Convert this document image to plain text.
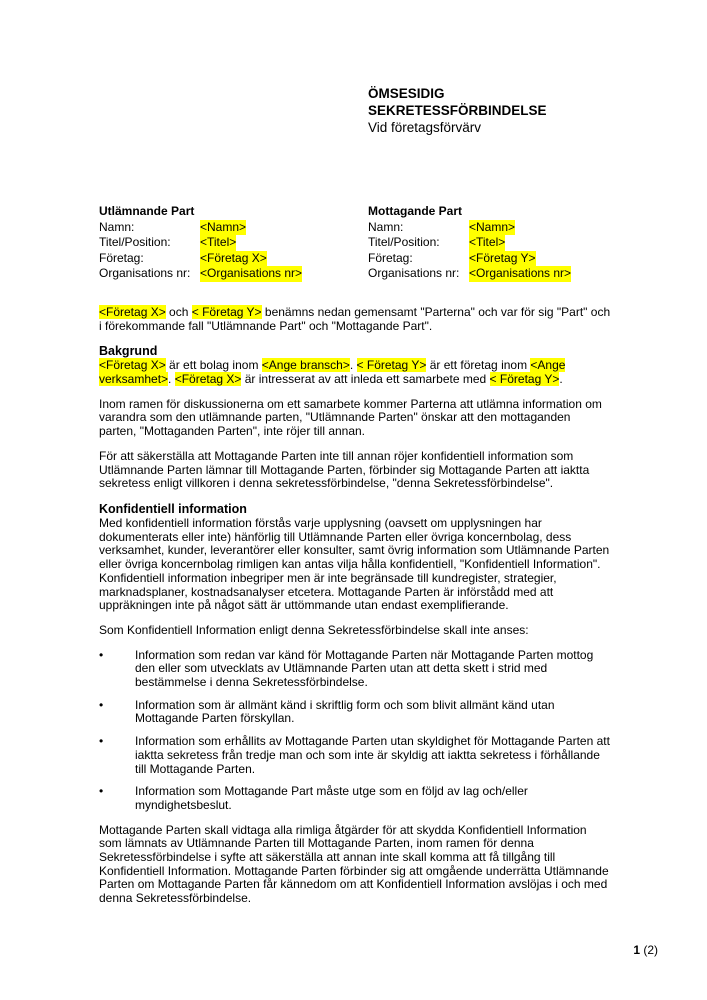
ÖMSESIDIG
SEKRETESSFÖRBINDELSE
Vid företagsförvärv
Utlämnande Part
Namn:	<Namn>
Titel/Position:	<Titel>
Företag:	<Företag X>
Organisations nr: <Organisations nr>
Mottagande Part
Namn:	<Namn>
Titel/Position:	<Titel>
Företag:	<Företag Y>
Organisations nr: <Organisations nr>

<Företag X> och < Företag Y> benämns nedan gemensamt "Parterna" och var för sig "Part" och i förekommande fall "Utlämnande Part" och "Mottagande Part".

Bakgrund

<Företag X> är ett bolag inom <Ange bransch>. < Företag Y> är ett företag inom <Ange verksamhet>. <Företag X> är intresserat av att inleda ett samarbete med < Företag Y>.

Inom ramen för diskussionerna om ett samarbete kommer Parterna att utlämna information om varandra som den utlämnande parten, "Utlämnande Parten" önskar att den mottaganden parten, "Mottaganden Parten", inte röjer till annan.

För att säkerställa att Mottagande Parten inte till annan röjer konfidentiell information som Utlämnande Parten lämnar till Mottagande Parten, förbinder sig Mottagande Parten att iaktta sekretess enligt villkoren i denna sekretessförbindelse, "denna Sekretessförbindelse".

Konfidentiell information

Med konfidentiell information förstås varje upplysning (oavsett om upplysningen har dokumenterats eller inte) hänförlig till Utlämnande Parten eller övriga koncernbolag, dess verksamhet, kunder, leverantörer eller konsulter, samt övrig information som Utlämnande Parten eller övriga koncernbolag rimligen kan antas vilja hålla konfidentiell, "Konfidentiell Information". Konfidentiell information inbegriper men är inte begränsade till kundregister, strategier, marknadsplaner, kostnadsanalyser etcetera. Mottagande Parten är införstådd med att uppräkningen inte på något sätt är uttömmande utan endast exemplifierande.

Som Konfidentiell Information enligt denna Sekretessförbindelse skall inte anses:

•	Information som redan var känd för Mottagande Parten när Mottagande Parten mottog den eller som utvecklats av Utlämnande Parten utan att detta skett i strid med bestämmelse i denna Sekretessförbindelse.
•	Information som är allmänt känd i skriftlig form och som blivit allmänt känd utan Mottagande Parten förskyllan.
•	Information som erhållits av Mottagande Parten utan skyldighet för Mottagande Parten att iaktta sekretess från tredje man och som inte är skyldig att iaktta sekretess i förhållande till Mottagande Parten.
•	Information som Mottagande Part måste utge som en följd av lag och/eller myndighetsbeslut.

Mottagande Parten skall vidtaga alla rimliga åtgärder för att skydda Konfidentiell Information som lämnats av Utlämnande Parten till Mottagande Parten, inom ramen för denna Sekretessförbindelse i syfte att säkerställa att annan inte skall komma att få tillgång till Konfidentiell Information. Mottagande Parten förbinder sig att omgående underrätta Utlämnande Parten om Mottagande Parten får kännedom om att Konfidentiell Information avslöjas i och med denna Sekretessförbindelse.

1 (2)
